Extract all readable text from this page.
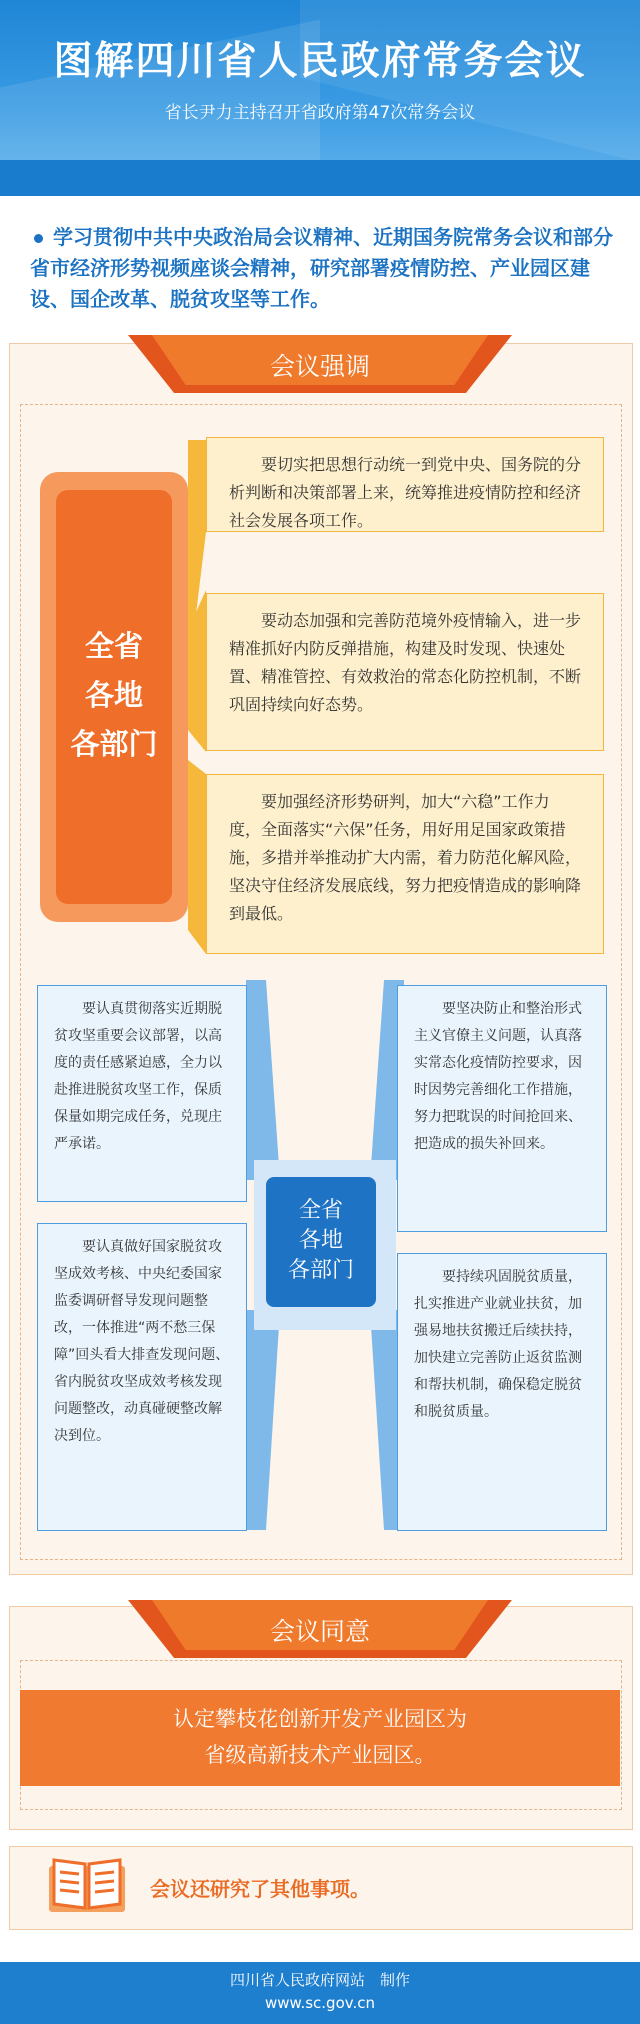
图解四川省人民政府常务会议
省长尹力主持召开省政府第47次常务会议
学习贯彻中共中央政治局会议精神、近期国务院常务会议和部分省市经济形势视频座谈会精神，研究部署疫情防控、产业园区建设、国企改革、脱贫攻坚等工作。
会议强调
全省
各地
各部门
要切实把思想行动统一到党中央、国务院的分析判断和决策部署上来，统筹推进疫情防控和经济社会发展各项工作。
要动态加强和完善防范境外疫情输入，进一步精准抓好内防反弹措施，构建及时发现、快速处置、精准管控、有效救治的常态化防控机制，不断巩固持续向好态势。
要加强经济形势研判，加大“六稳”工作力度，全面落实“六保”任务，用好用足国家政策措施，多措并举推动扩大内需，着力防范化解风险，坚决守住经济发展底线，努力把疫情造成的影响降到最低。
要认真贯彻落实近期脱贫攻坚重要会议部署，以高度的责任感紧迫感，全力以赴推进脱贫攻坚工作，保质保量如期完成任务，兑现庄严承诺。
要认真做好国家脱贫攻坚成效考核、中央纪委国家监委调研督导发现问题整改，一体推进“两不愁三保障”回头看大排查发现问题、省内脱贫攻坚成效考核发现问题整改，动真碰硬整改解决到位。
要坚决防止和整治形式主义官僚主义问题，认真落实常态化疫情防控要求，因时因势完善细化工作措施，努力把耽误的时间抢回来、把造成的损失补回来。
要持续巩固脱贫质量，扎实推进产业就业扶贫，加强易地扶贫搬迁后续扶持，加快建立完善防止返贫监测和帮扶机制，确保稳定脱贫和脱贫质量。
全省
各地
各部门
会议同意
认定攀枝花创新开发产业园区为
省级高新技术产业园区。
会议还研究了其他事项。
四川省人民政府网站　制作
www.sc.gov.cn
